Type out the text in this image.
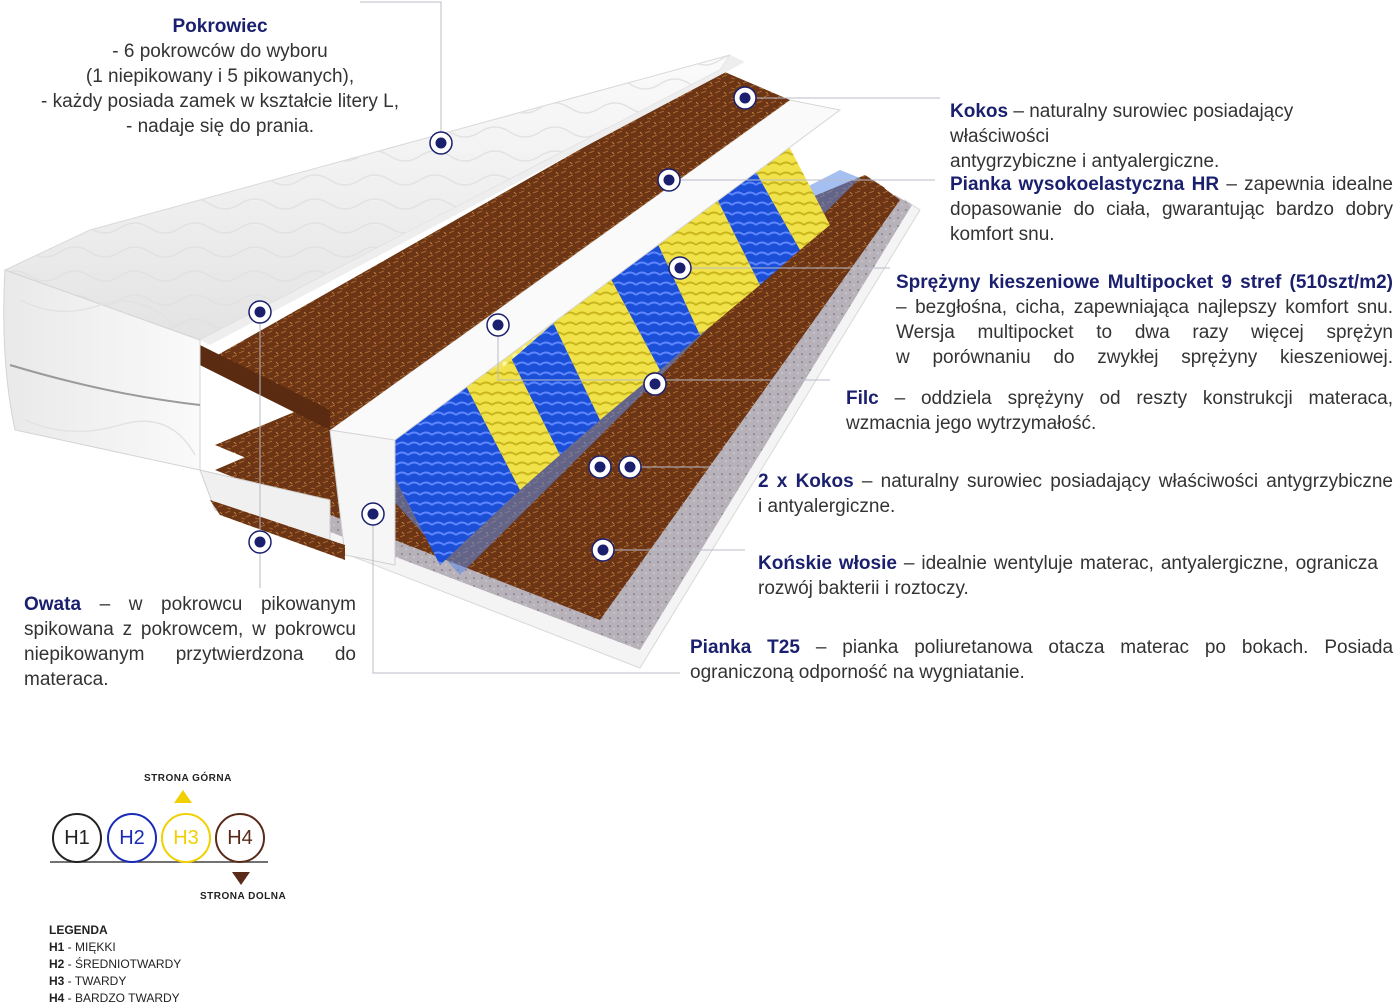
Pokrowiec
- 6 pokrowców do wyboru
(1 niepikowany i 5 pikowanych),
- każdy posiada zamek w kształcie litery L,
- nadaje się do prania.
Kokos – naturalny surowiec posiadający właściwości
antygrzybiczne i antyalergiczne.
Pianka wysokoelastyczna HR – zapewnia idealne
dopasowanie do ciała, gwarantując bardzo dobry
komfort snu.
Sprężyny kieszeniowe Multipocket 9 stref (510szt/m2)
– bezgłośna, cicha, zapewniająca najlepszy komfort snu.
Wersja multipocket to dwa razy więcej sprężyn
w porównaniu do zwykłej sprężyny kieszeniowej.
Filc – oddziela sprężyny od reszty konstrukcji materaca,
wzmacnia jego wytrzymałość.
2 x Kokos – naturalny surowiec posiadający właściwości antygrzybiczne
i antyalergiczne.
Końskie włosie – idealnie wentyluje materac, antyalergiczne, ogranicza
rozwój bakterii i roztoczy.
Pianka T25 – pianka poliuretanowa otacza materac po bokach. Posiada
ograniczoną odporność na wygniatanie.
Owata – w pokrowcu pikowanym
spikowana z pokrowcem, w pokrowcu
niepikowanym przytwierdzona do
materaca.
STRONA GÓRNA
H1	H2	H3	H4
STRONA DOLNA
LEGENDA
H1 - MIĘKKI
H2 - ŚREDNIOTWARDY
H3 - TWARDY
H4 - BARDZO TWARDY
